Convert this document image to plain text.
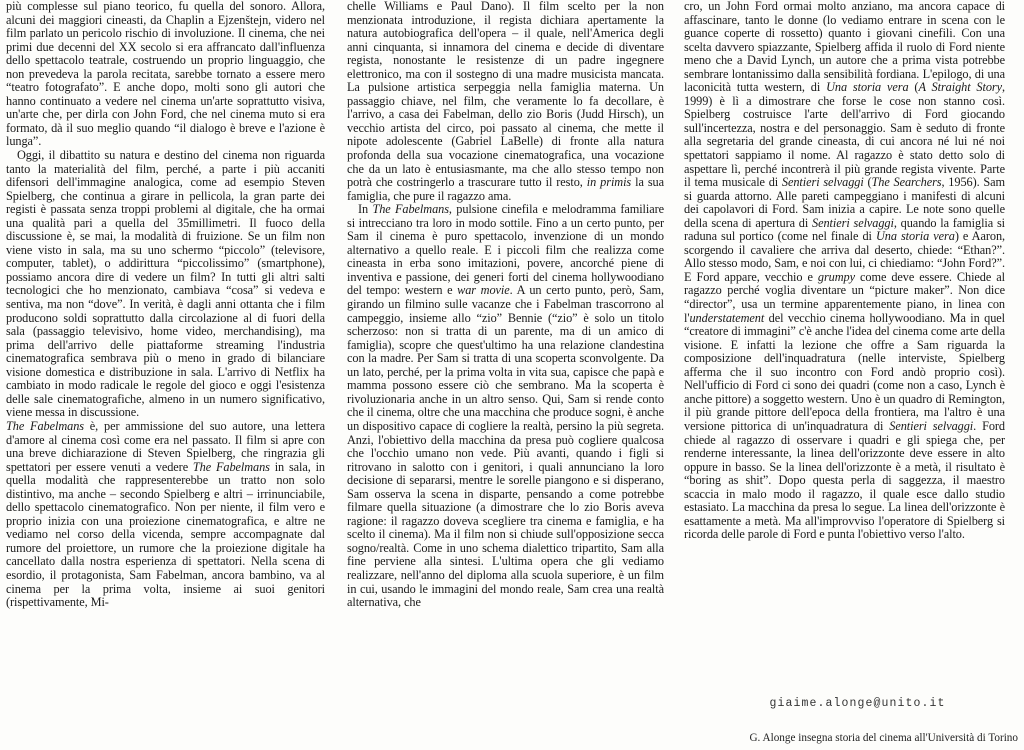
più complesse sul piano teorico, fu quella del sonoro. Allora, alcuni dei maggiori cineasti, da Chaplin a Ejzenštejn, videro nel film parlato un pericolo rischio di involuzione. Il cinema, che nei primi due decenni del XX secolo si era affrancato dall'influenza dello spettacolo teatrale, costruendo un proprio linguaggio, che non prevedeva la parola recitata, sarebbe tornato a essere mero “teatro fotografato”. E anche dopo, molti sono gli autori che hanno continuato a vedere nel cinema un'arte soprattutto visiva, un'arte che, per dirla con John Ford, che nel cinema muto si era formato, dà il suo meglio quando “il dialogo è breve e l'azione è lunga”.

Oggi, il dibattito su natura e destino del cinema non riguarda tanto la materialità del film, perché, a parte i più accaniti difensori dell'immagine analogica, come ad esempio Steven Spielberg, che continua a girare in pellicola, la gran parte dei registi è passata senza troppi problemi al digitale, che ha ormai una qualità pari a quella del 35millimetri. Il fuoco della discussione è, se mai, la modalità di fruizione. Se un film non viene visto in sala, ma su uno schermo “piccolo” (televisore, computer, tablet), o addirittura “piccolissimo” (smartphone), possiamo ancora dire di vedere un film? In tutti gli altri salti tecnologici che ho menzionato, cambiava “cosa” si vedeva e sentiva, ma non “dove”. In verità, è dagli anni ottanta che i film producono soldi soprattutto dalla circolazione al di fuori della sala (passaggio televisivo, home video, merchandising), ma prima dell'arrivo delle piattaforme streaming l'industria cinematografica sembrava più o meno in grado di bilanciare visione domestica e distribuzione in sala. L'arrivo di Netflix ha cambiato in modo radicale le regole del gioco e oggi l'esistenza delle sale cinematografiche, almeno in un numero significativo, viene messa in discussione.

The Fabelmans è, per ammissione del suo autore, una lettera d'amore al cinema così come era nel passato. Il film si apre con una breve dichiarazione di Steven Spielberg, che ringrazia gli spettatori per essere venuti a vedere The Fabelmans in sala, in quella modalità che rappresenterebbe un tratto non solo distintivo, ma anche – secondo Spielberg e altri – irrinunciabile, dello spettacolo cinematografico. Non per niente, il film vero e proprio inizia con una proiezione cinematografica, e altre ne vediamo nel corso della vicenda, sempre accompagnate dal rumore del proiettore, un rumore che la proiezione digitale ha cancellato dalla nostra esperienza di spettatori. Nella scena di esordio, il protagonista, Sam Fabelman, ancora bambino, va al cinema per la prima volta, insieme ai suoi genitori (rispettivamente, Mi-

chelle Williams e Paul Dano). Il film scelto per la non menzionata introduzione, il regista dichiara apertamente la natura autobiografica dell'opera – il quale, nell'America degli anni cinquanta, si innamora del cinema e decide di diventare regista, nonostante le resistenze di un padre ingegnere elettronico, ma con il sostegno di una madre musicista mancata. La pulsione artistica serpeggia nella famiglia materna. Un passaggio chiave, nel film, che veramente lo fa decollare, è l'arrivo, a casa dei Fabelman, dello zio Boris (Judd Hirsch), un vecchio artista del circo, poi passato al cinema, che mette il nipote adolescente (Gabriel LaBelle) di fronte alla natura profonda della sua vocazione cinematografica, una vocazione che da un lato è entusiasmante, ma che allo stesso tempo non potrà che costringerlo a trascurare tutto il resto, in primis la sua famiglia, che pure il ragazzo ama.

In The Fabelmans, pulsione cinefila e melodramma familiare si intrecciano tra loro in modo sottile. Fino a un certo punto, per Sam il cinema è puro spettacolo, invenzione di un mondo alternativo a quello reale. E i piccoli film che realizza come cineasta in erba sono imitazioni, povere, ancorché piene di inventiva e passione, dei generi forti del cinema hollywoodiano del tempo: western e war movie. A un certo punto, però, Sam, girando un filmino sulle vacanze che i Fabelman trascorrono al campeggio, insieme allo “zio” Bennie (“zio” è solo un titolo scherzoso: non si tratta di un parente, ma di un amico di famiglia), scopre che quest'ultimo ha una relazione clandestina con la madre. Per Sam si tratta di una scoperta sconvolgente. Da un lato, perché, per la prima volta in vita sua, capisce che papà e mamma possono essere ciò che sembrano. Ma la scoperta è rivoluzionaria anche in un altro senso. Qui, Sam si rende conto che il cinema, oltre che una macchina che produce sogni, è anche un dispositivo capace di cogliere la realtà, persino la più segreta. Anzi, l'obiettivo della macchina da presa può cogliere qualcosa che l'occhio umano non vede. Più avanti, quando i figli si ritrovano in salotto con i genitori, i quali annunciano la loro decisione di separarsi, mentre le sorelle piangono e si disperano, Sam osserva la scena in disparte, pensando a come potrebbe filmare quella situazione (a dimostrare che lo zio Boris aveva ragione: il ragazzo doveva scegliere tra cinema e famiglia, e ha scelto il cinema). Ma il film non si chiude sull'opposizione secca sogno/realtà. Come in uno schema dialettico tripartito, Sam alla fine perviene alla sintesi. L'ultima opera che gli vediamo realizzare, nell'anno del diploma alla scuola superiore, è un film in cui, usando le immagini del mondo reale, Sam crea una realtà alternativa, che

cro, un John Ford ormai molto anziano, ma ancora capace di affascinare, tanto le donne (lo vediamo entrare in scena con le guance coperte di rossetto) quanto i giovani cinefili. Con una scelta davvero spiazzante, Spielberg affida il ruolo di Ford niente meno che a David Lynch, un autore che a prima vista potrebbe sembrare lontanissimo dalla sensibilità fordiana. L'epilogo, di una laconicità tutta western, di Una storia vera (A Straight Story, 1999) è lì a dimostrare che forse le cose non stanno così. Spielberg costruisce l'arte dell'arrivo di Ford giocando sull'incertezza, nostra e del personaggio. Sam è seduto di fronte alla segretaria del grande cineasta, di cui ancora né lui né noi spettatori sappiamo il nome. Al ragazzo è stato detto solo di aspettare lì, perché incontrerà il più grande regista vivente. Parte il tema musicale di Sentieri selvaggi (The Searchers, 1956). Sam si guarda attorno. Alle pareti campeggiano i manifesti di alcuni dei capolavori di Ford. Sam inizia a capire. Le note sono quelle della scena di apertura di Sentieri selvaggi, quando la famiglia si raduna sul portico (come nel finale di Una storia vera) e Aaron, scorgendo il cavaliere che arriva dal deserto, chiede: “Ethan?”. Allo stesso modo, Sam, e noi con lui, ci chiediamo: “John Ford?”. E Ford appare, vecchio e grumpy come deve essere. Chiede al ragazzo perché voglia diventare un “picture maker”. Non dice “director”, usa un termine apparentemente piano, in linea con l'understatement del vecchio cinema hollywoodiano. Ma in quel “creatore di immagini” c'è anche l'idea del cinema come arte della visione. E infatti la lezione che offre a Sam riguarda la composizione dell'inquadratura (nelle interviste, Spielberg afferma che il suo incontro con Ford andò proprio così). Nell'ufficio di Ford ci sono dei quadri (come non a caso, Lynch è anche pittore) a soggetto western. Uno è un quadro di Remington, il più grande pittore dell'epoca della frontiera, ma l'altro è una versione pittorica di un'inquadratura di Sentieri selvaggi. Ford chiede al ragazzo di osservare i quadri e gli spiega che, per renderne interessante, la linea dell'orizzonte deve essere in alto oppure in basso. Se la linea dell'orizzonte è a metà, il risultato è “boring as shit”. Dopo questa perla di saggezza, il maestro scaccia in malo modo il ragazzo, il quale esce dallo studio estasiato. La macchina da presa lo segue. La linea dell'orizzonte è esattamente a metà. Ma all'improvviso l'operatore di Spielberg si ricorda delle parole di Ford e punta l'obiettivo verso l'alto.

giaime.alonge@unito.it
G. Alonge insegna storia del cinema all'Università di Torino
